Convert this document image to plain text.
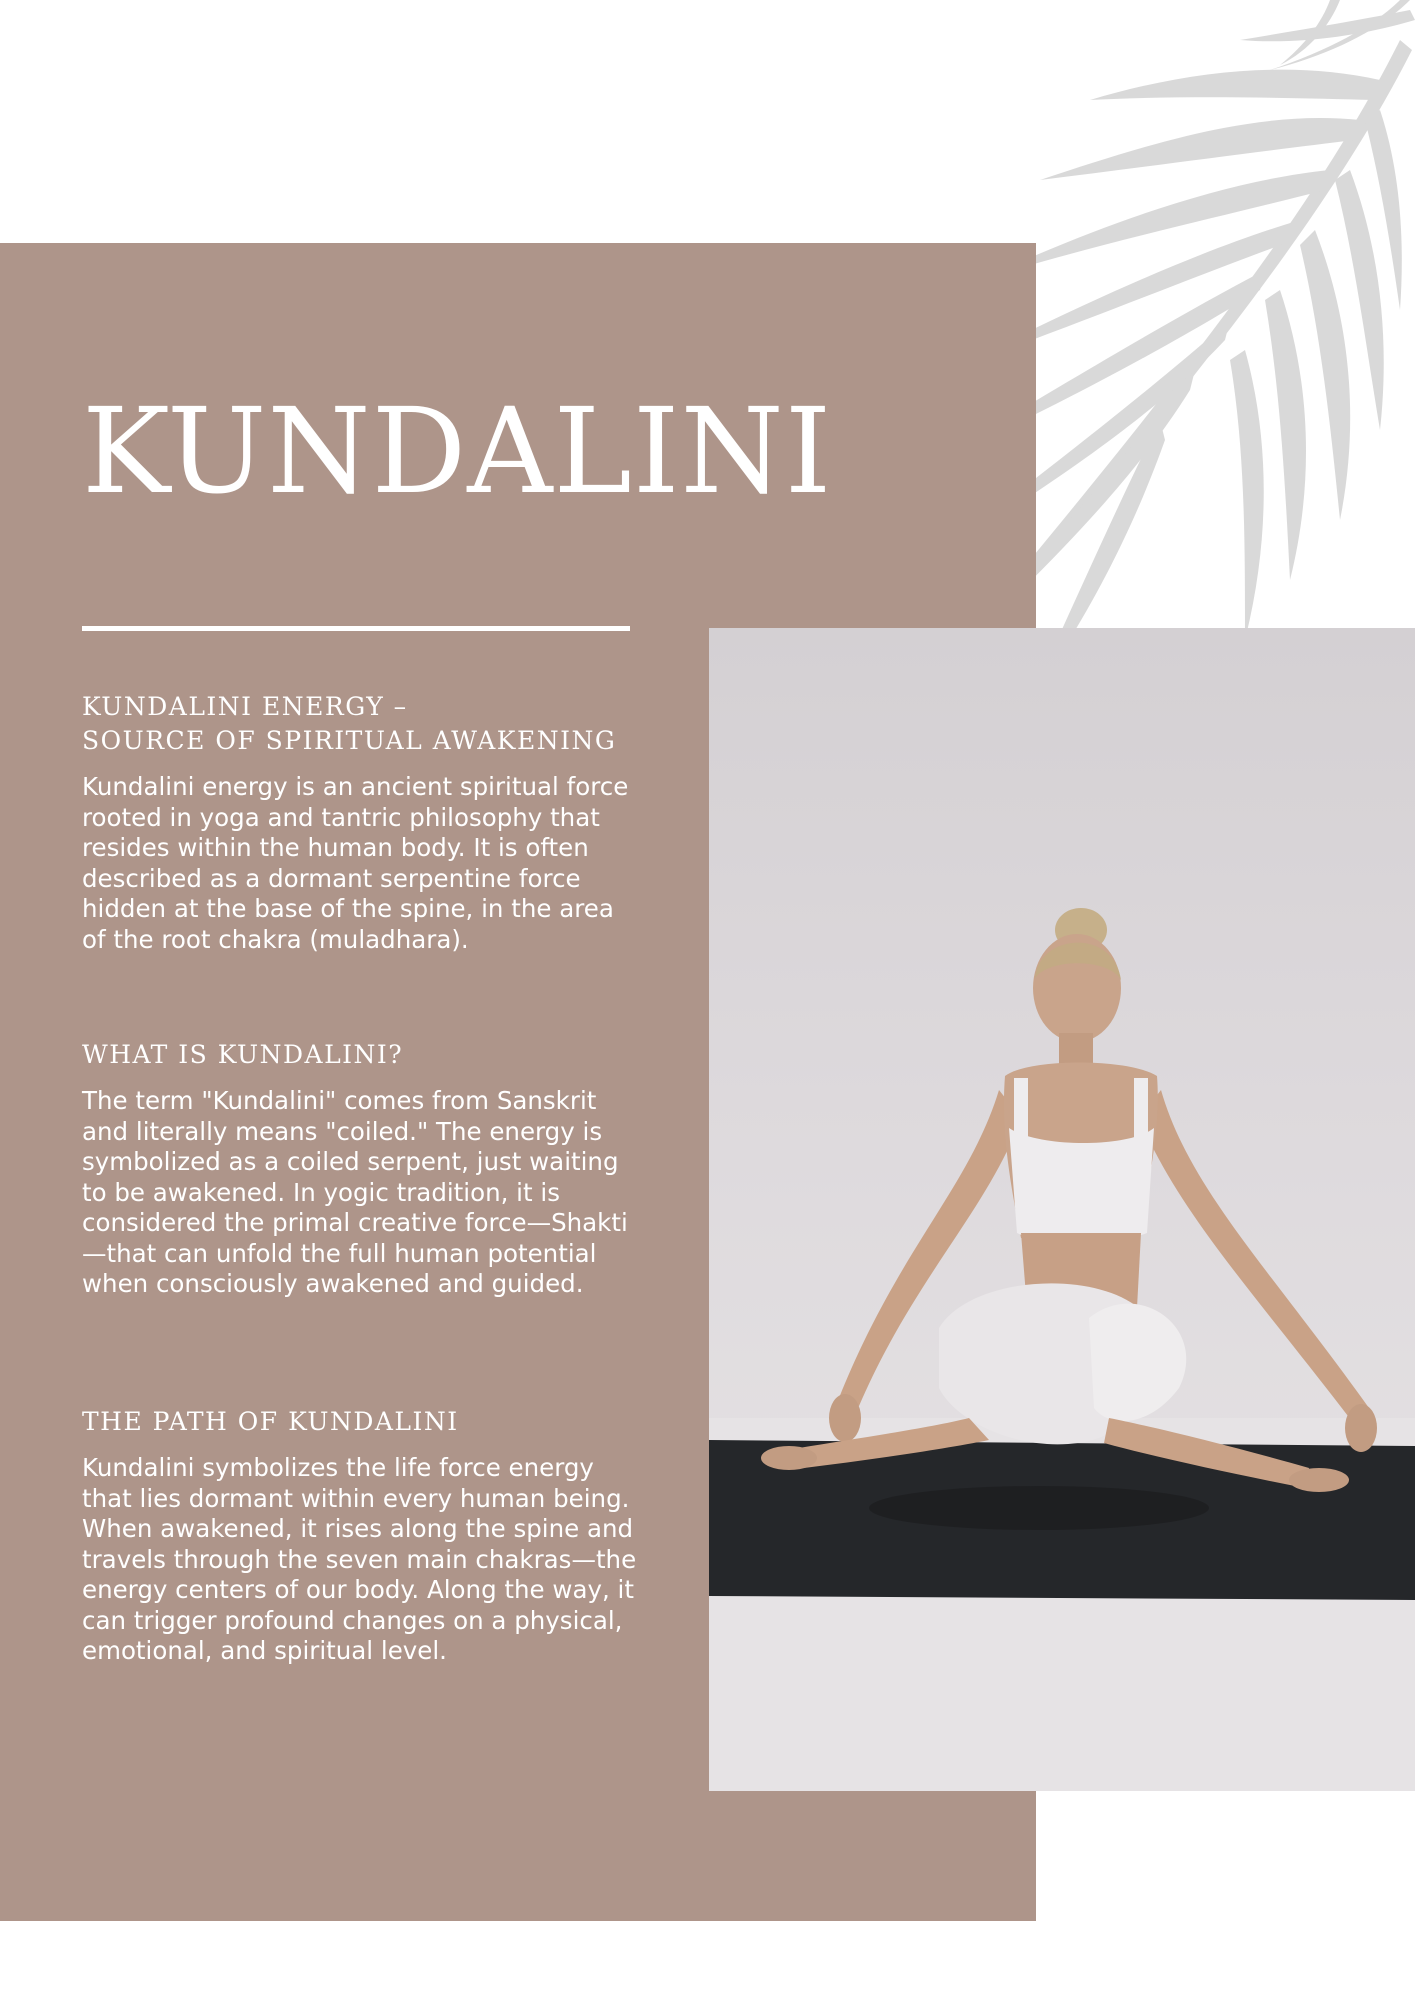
KUNDALINI
KUNDALINI ENERGY –
SOURCE OF SPIRITUAL AWAKENING

Kundalini energy is an ancient spiritual force
rooted in yoga and tantric philosophy that
resides within the human body. It is often
described as a dormant serpentine force
hidden at the base of the spine, in the area
of the root chakra (muladhara).

WHAT IS KUNDALINI?

The term "Kundalini" comes from Sanskrit
and literally means "coiled." The energy is
symbolized as a coiled serpent, just waiting
to be awakened. In yogic tradition, it is
considered the primal creative force—Shakti
—that can unfold the full human potential
when consciously awakened and guided.

THE PATH OF KUNDALINI

Kundalini symbolizes the life force energy
that lies dormant within every human being.
When awakened, it rises along the spine and
travels through the seven main chakras—the
energy centers of our body. Along the way, it
can trigger profound changes on a physical,
emotional, and spiritual level.
